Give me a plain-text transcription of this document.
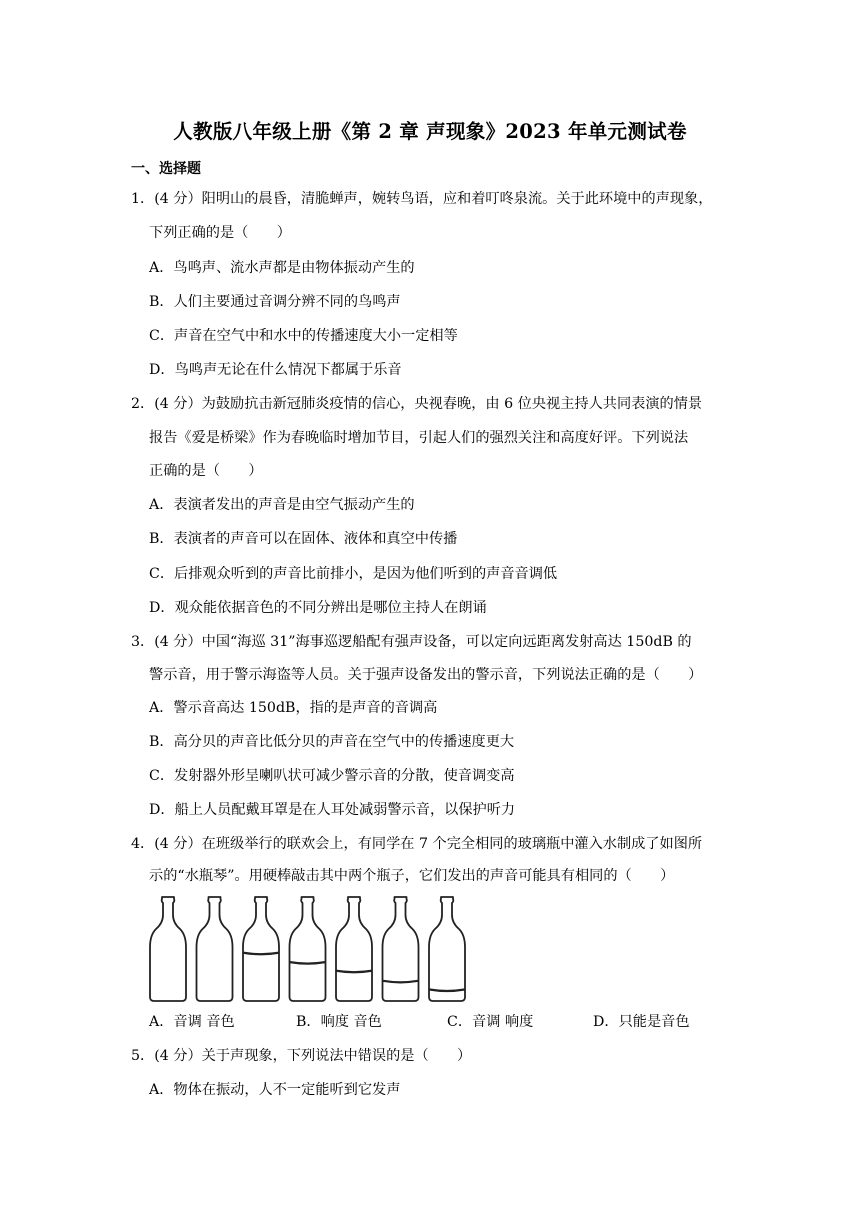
人教版八年级上册《第 2 章 声现象》2023 年单元测试卷
一、选择题
1．(4 分）阳明山的晨昏，清脆蝉声，婉转鸟语，应和着叮咚泉流。关于此环境中的声现象，
下列正确的是（　　）
A．鸟鸣声、流水声都是由物体振动产生的
B．人们主要通过音调分辨不同的鸟鸣声
C．声音在空气中和水中的传播速度大小一定相等
D．鸟鸣声无论在什么情况下都属于乐音
2．(4 分）为鼓励抗击新冠肺炎疫情的信心，央视春晚，由 6 位央视主持人共同表演的情景
报告《爱是桥梁》作为春晚临时增加节目，引起人们的强烈关注和高度好评。下列说法
正确的是（　　）
A．表演者发出的声音是由空气振动产生的
B．表演者的声音可以在固体、液体和真空中传播
C．后排观众听到的声音比前排小，是因为他们听到的声音音调低
D．观众能依据音色的不同分辨出是哪位主持人在朗诵
3．(4 分）中国“海巡 31”海事巡逻船配有强声设备，可以定向远距离发射高达 150dB 的
警示音，用于警示海盗等人员。关于强声设备发出的警示音，下列说法正确的是（　　）
A．警示音高达 150dB，指的是声音的音调高
B．高分贝的声音比低分贝的声音在空气中的传播速度更大
C．发射器外形呈喇叭状可减少警示音的分散，使音调变高
D．船上人员配戴耳罩是在人耳处减弱警示音，以保护听力
4．(4 分）在班级举行的联欢会上，有同学在 7 个完全相同的玻璃瓶中灌入水制成了如图所
示的“水瓶琴”。用硬棒敲击其中两个瓶子，它们发出的声音可能具有相同的（　　）
A．音调 音色	B．响度 音色	C．音调 响度	D．只能是音色
5．(4 分）关于声现象，下列说法中错误的是（　　）
A．物体在振动，人不一定能听到它发声
